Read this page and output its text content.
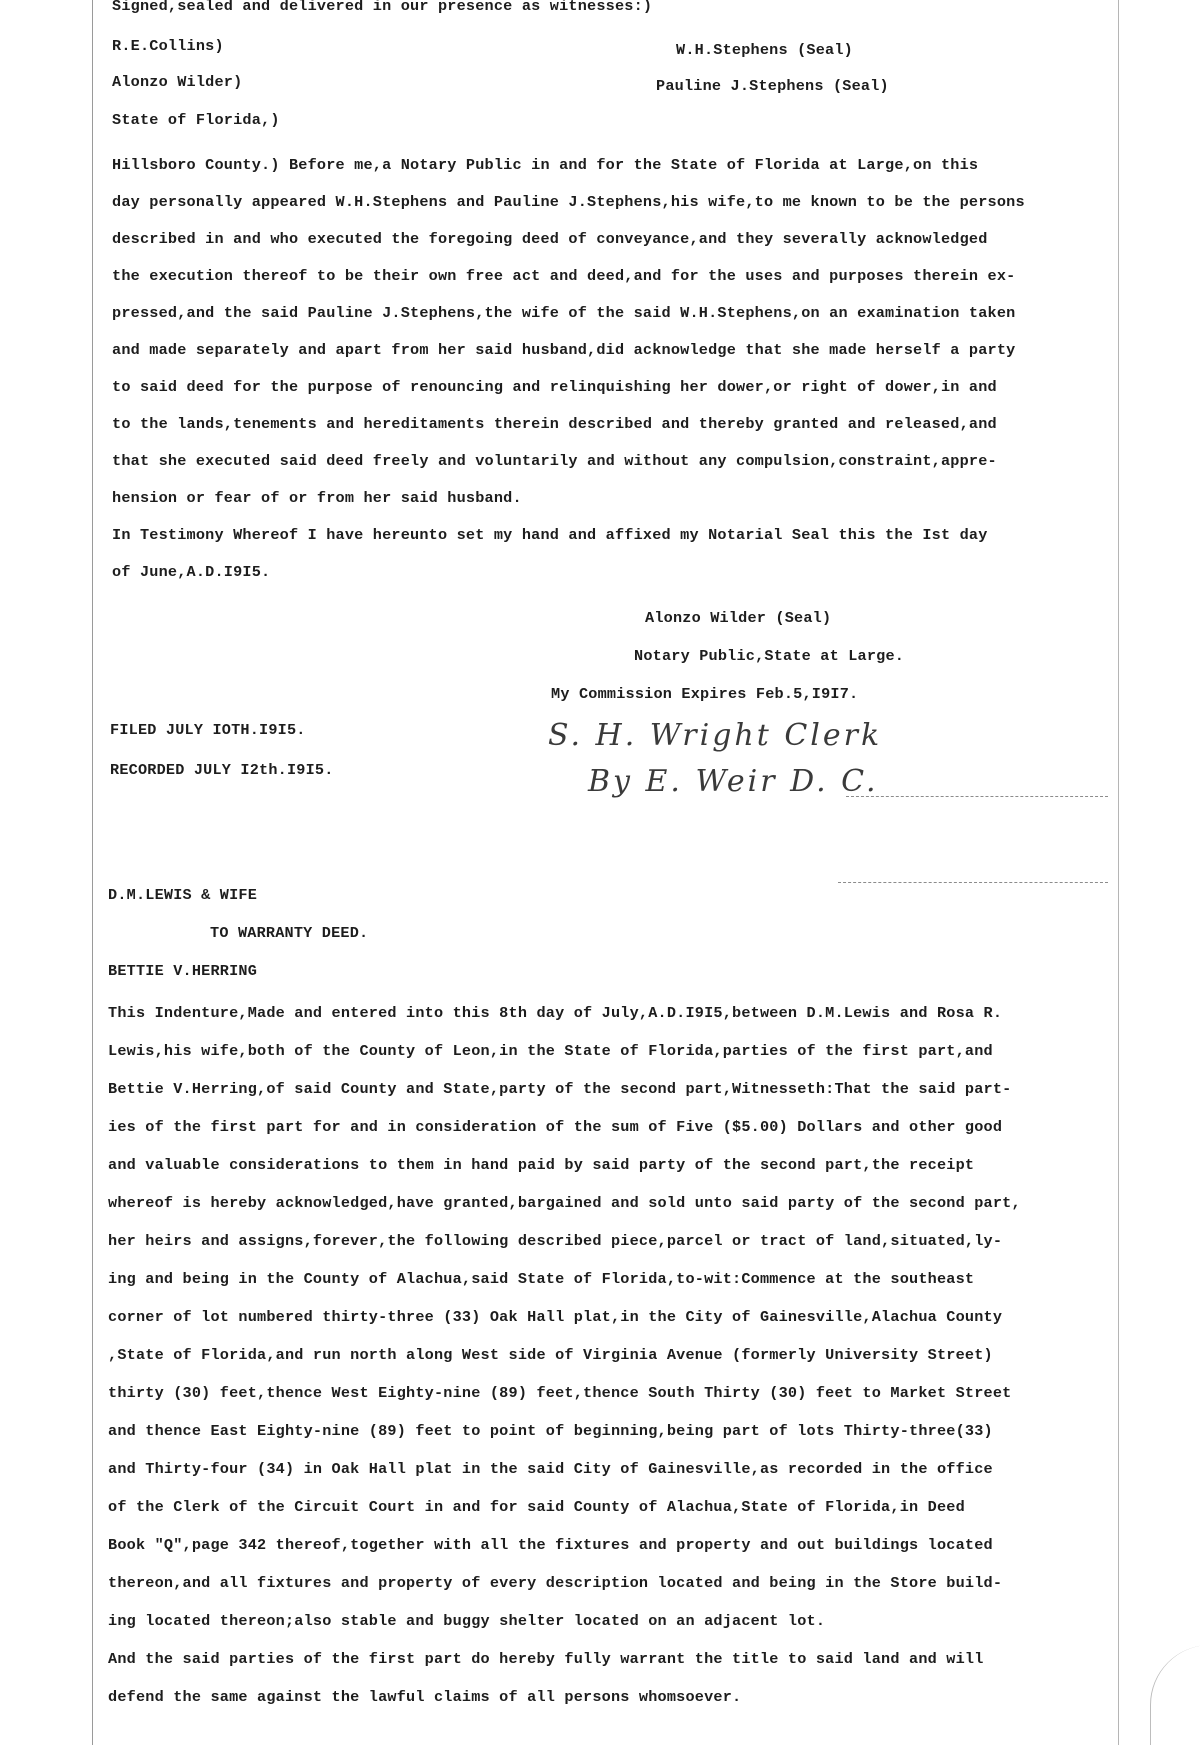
Signed,sealed and delivered in our presence as witnesses:)
R.E.Collins)
Alonzo Wilder)
W.H.Stephens (Seal)
Pauline J.Stephens (Seal)
State of Florida,)
Hillsboro County.) Before me,a Notary Public in and for the State of Florida at Large,on this
day personally appeared W.H.Stephens and Pauline J.Stephens,his wife,to me known to be the persons
described in and who executed the foregoing deed of conveyance,and they severally acknowledged
the execution thereof to be their own free act and deed,and for the uses and purposes therein ex-
pressed,and the said Pauline J.Stephens,the wife of the said W.H.Stephens,on an examination taken
and made separately and apart from her said husband,did acknowledge that she made herself a party
to said deed for the purpose of renouncing and relinquishing her dower,or right of dower,in and
to the lands,tenements and hereditaments therein described and thereby granted and released,and
that she executed said deed freely and voluntarily and without any compulsion,constraint,appre-
hension or fear of or from her said husband.
In Testimony Whereof I have hereunto set my hand and affixed my Notarial Seal this the Ist day
of June,A.D.I9I5.
Alonzo Wilder (Seal)
Notary Public,State at Large.
My Commission Expires Feb.5,I9I7.
FILED JULY IOTH.I9I5.
RECORDED JULY I2th.I9I5.
S. H. Wright Clerk
By E. Weir D. C.
D.M.LEWIS & WIFE
TO WARRANTY DEED.
BETTIE V.HERRING
This Indenture,Made and entered into this 8th day of July,A.D.I9I5,between D.M.Lewis and Rosa R.
Lewis,his wife,both of the County of Leon,in the State of Florida,parties of the first part,and
Bettie V.Herring,of said County and State,party of the second part,Witnesseth:That the said part-
ies of the first part for and in consideration of the sum of Five ($5.00) Dollars and other good
and valuable considerations to them in hand paid by said party of the second part,the receipt
whereof is hereby acknowledged,have granted,bargained and sold unto said party of the second part,
her heirs and assigns,forever,the following described piece,parcel or tract of land,situated,ly-
ing and being in the County of Alachua,said State of Florida,to-wit:Commence at the southeast
corner of lot numbered thirty-three (33) Oak Hall plat,in the City of Gainesville,Alachua County
,State of Florida,and run north along West side of Virginia Avenue (formerly University Street)
thirty (30) feet,thence West Eighty-nine (89) feet,thence South Thirty (30) feet to Market Street
and thence East Eighty-nine (89) feet to point of beginning,being part of lots Thirty-three(33)
and Thirty-four (34) in Oak Hall plat in the said City of Gainesville,as recorded in the office
of the Clerk of the Circuit Court in and for said County of Alachua,State of Florida,in Deed
Book "Q",page 342 thereof,together with all the fixtures and property and out buildings located
thereon,and all fixtures and property of every description located and being in the Store build-
ing located thereon;also stable and buggy shelter located on an adjacent lot.
And the said parties of the first part do hereby fully warrant the title to said land and will
defend the same against the lawful claims of all persons whomsoever.
